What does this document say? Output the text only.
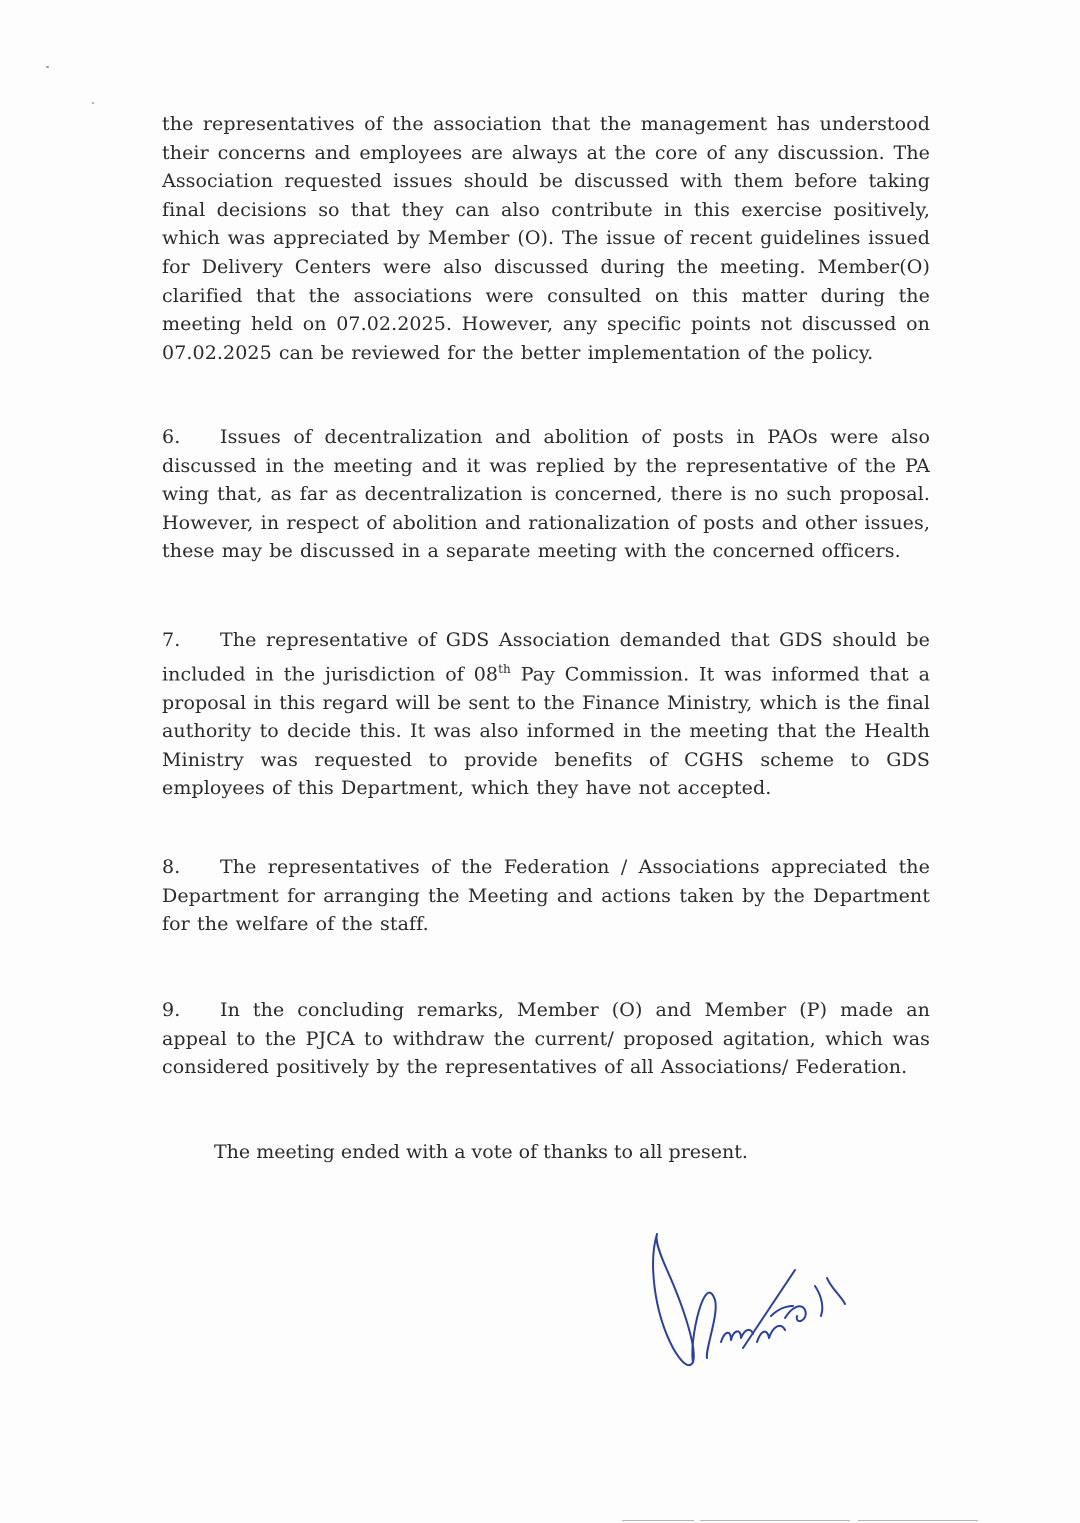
the representatives of the association that the management has understood their concerns and employees are always at the core of any discussion. The Association requested issues should be discussed with them before taking final decisions so that they can also contribute in this exercise positively, which was appreciated by Member (O). The issue of recent guidelines issued for Delivery Centers were also discussed during the meeting. Member(O) clarified that the associations were consulted on this matter during the meeting held on 07.02.2025. However, any specific points not discussed on 07.02.2025 can be reviewed for the better implementation of the policy.

6. Issues of decentralization and abolition of posts in PAOs were also discussed in the meeting and it was replied by the representative of the PA wing that, as far as decentralization is concerned, there is no such proposal. However, in respect of abolition and rationalization of posts and other issues, these may be discussed in a separate meeting with the concerned officers.

7. The representative of GDS Association demanded that GDS should be included in the jurisdiction of 08th Pay Commission. It was informed that a proposal in this regard will be sent to the Finance Ministry, which is the final authority to decide this. It was also informed in the meeting that the Health Ministry was requested to provide benefits of CGHS scheme to GDS employees of this Department, which they have not accepted.

8. The representatives of the Federation / Associations appreciated the Department for arranging the Meeting and actions taken by the Department for the welfare of the staff.

9. In the concluding remarks, Member (O) and Member (P) made an appeal to the PJCA to withdraw the current/ proposed agitation, which was considered positively by the representatives of all Associations/ Federation.

The meeting ended with a vote of thanks to all present.
